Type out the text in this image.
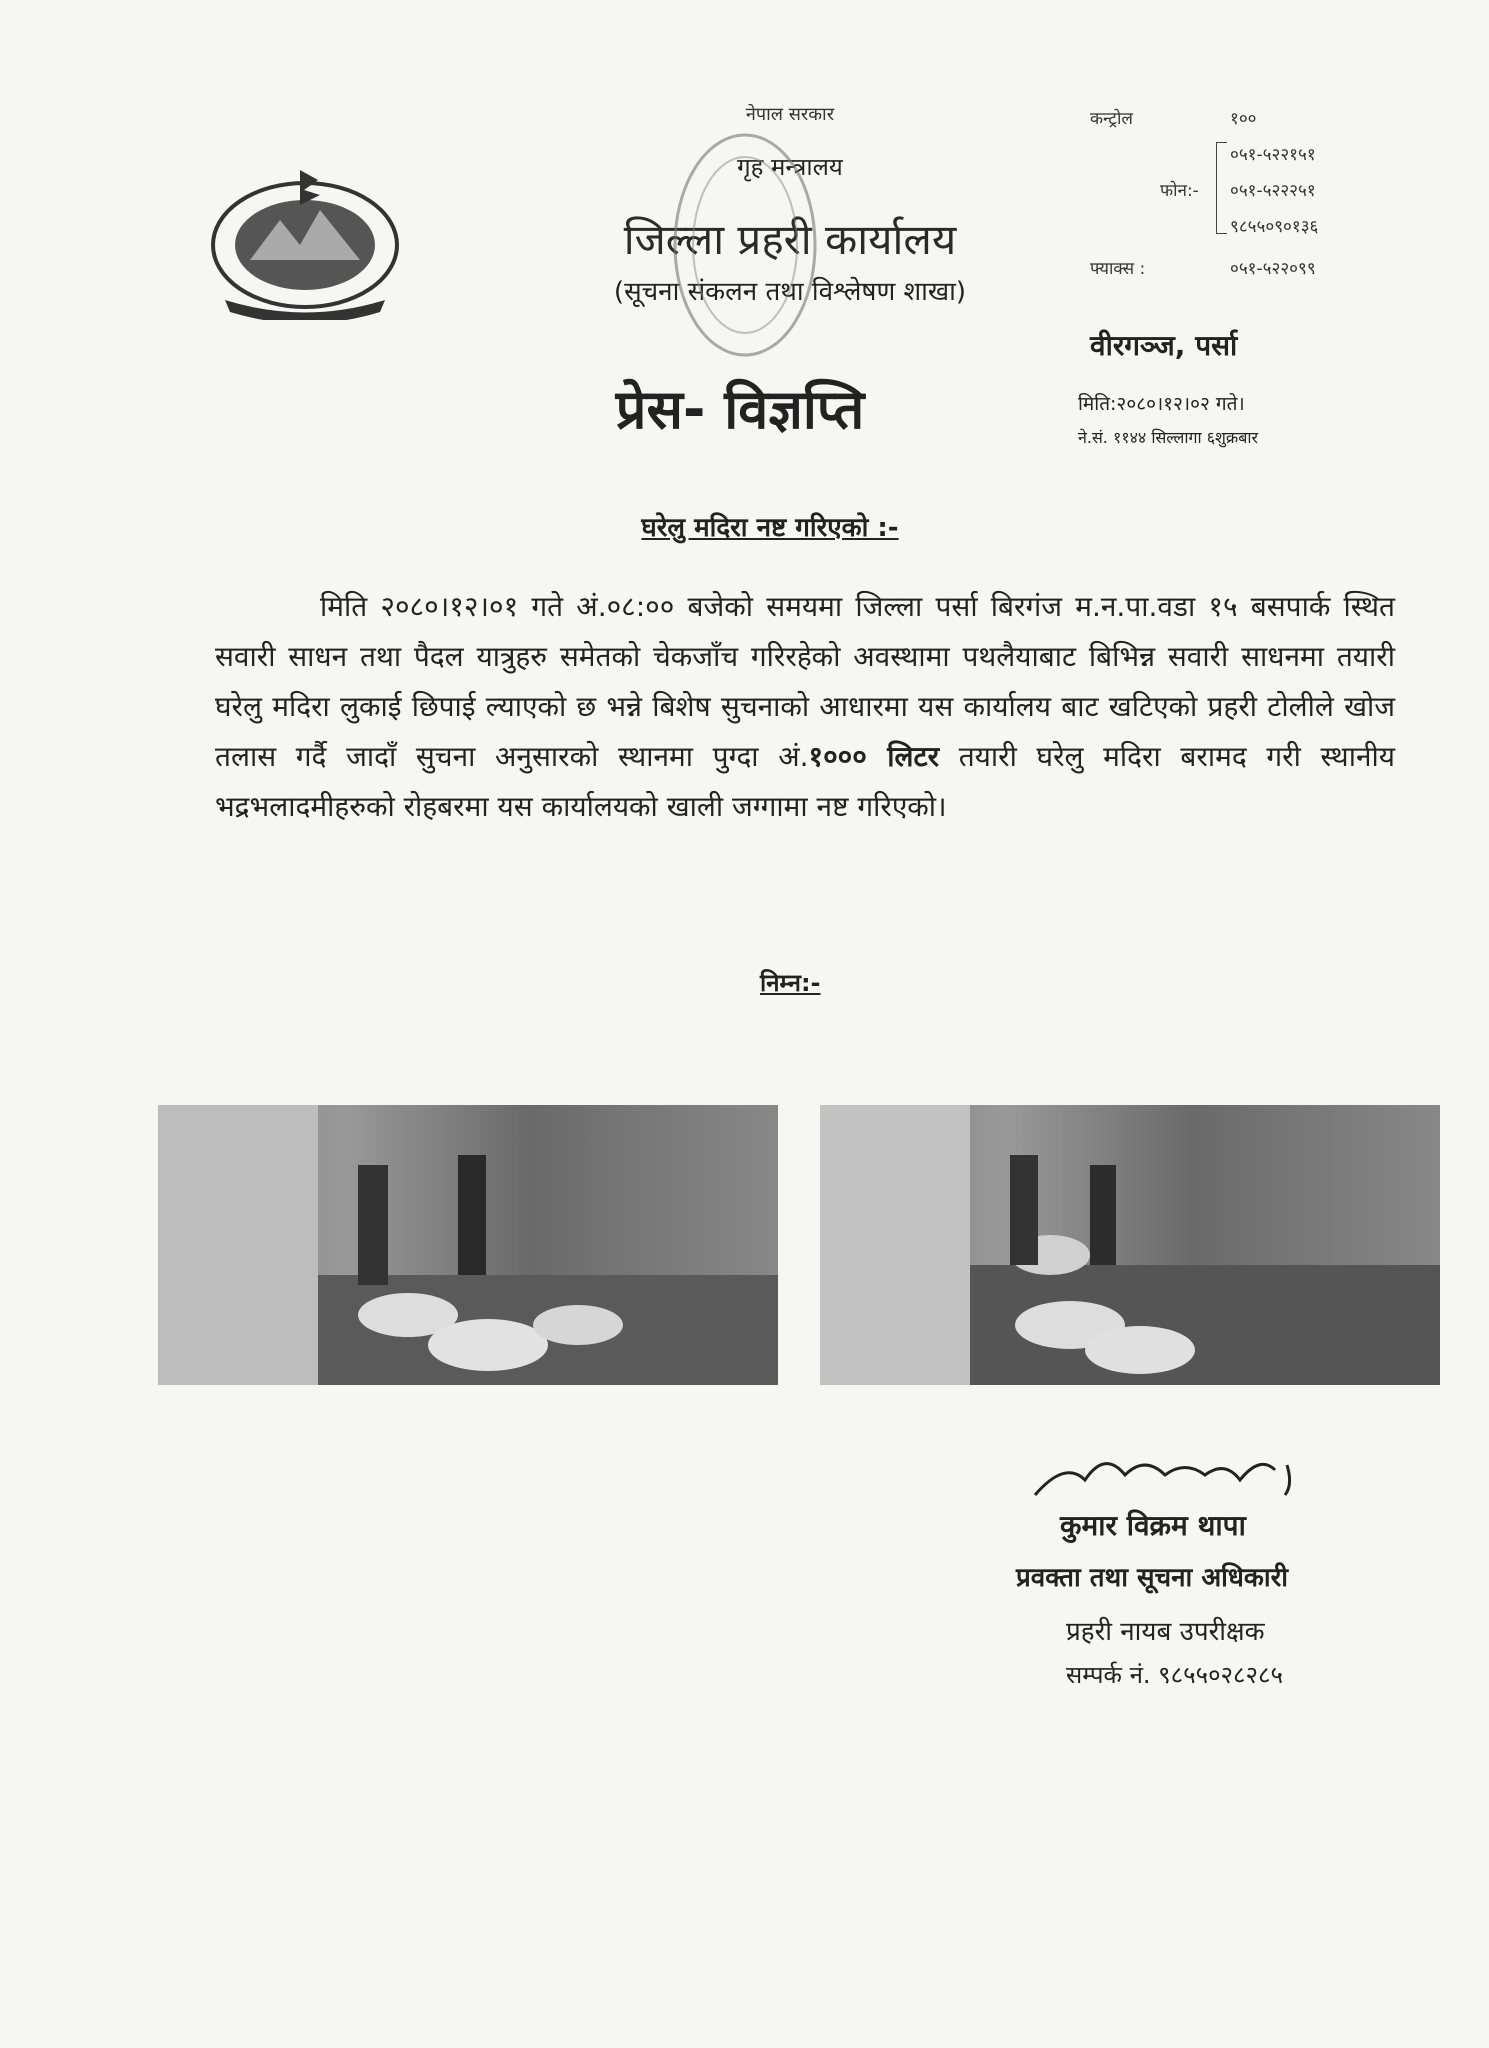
नेपाल सरकार
गृह मन्त्रालय
जिल्ला प्रहरी कार्यालय
(सूचना संकलन तथा विश्लेषण शाखा)
प्रेस- विज्ञप्ति
कन्ट्रोल	१००
०५१-५२२१५१
फोन:- ०५१-५२२२५१
९८५५०९०१३६
फ्याक्स :	०५१-५२२०९९
वीरगञ्ज, पर्सा
मिति:२०८०।१२।०२ गते।
ने.सं. ११४४ सिल्लागा ६शुक्रबार
घरेलु मदिरा नष्ट गरिएको :-
मिति २०८०।१२।०१ गते अं.०८:०० बजेको समयमा जिल्ला पर्सा बिरगंज म.न.पा.वडा १५ बसपार्क स्थित सवारी साधन तथा पैदल यात्रुहरु समेतको चेकजाँच गरिरहेको अवस्थामा पथलैयाबाट बिभिन्न सवारी साधनमा तयारी घरेलु मदिरा लुकाई छिपाई ल्याएको छ भन्ने बिशेष सुचनाको आधारमा यस कार्यालय बाट खटिएको प्रहरी टोलीले खोज तलास गर्दै जादाँ सुचना अनुसारको स्थानमा पुग्दा अं.१००० लिटर तयारी घरेलु मदिरा बरामद गरी स्थानीय भद्रभलादमीहरुको रोहबरमा यस कार्यालयको खाली जग्गामा नष्ट गरिएको।
निम्न:-
कुमार विक्रम थापा
प्रवक्ता तथा सूचना अधिकारी
प्रहरी नायब उपरीक्षक
सम्पर्क नं. ९८५५०२८२८५
